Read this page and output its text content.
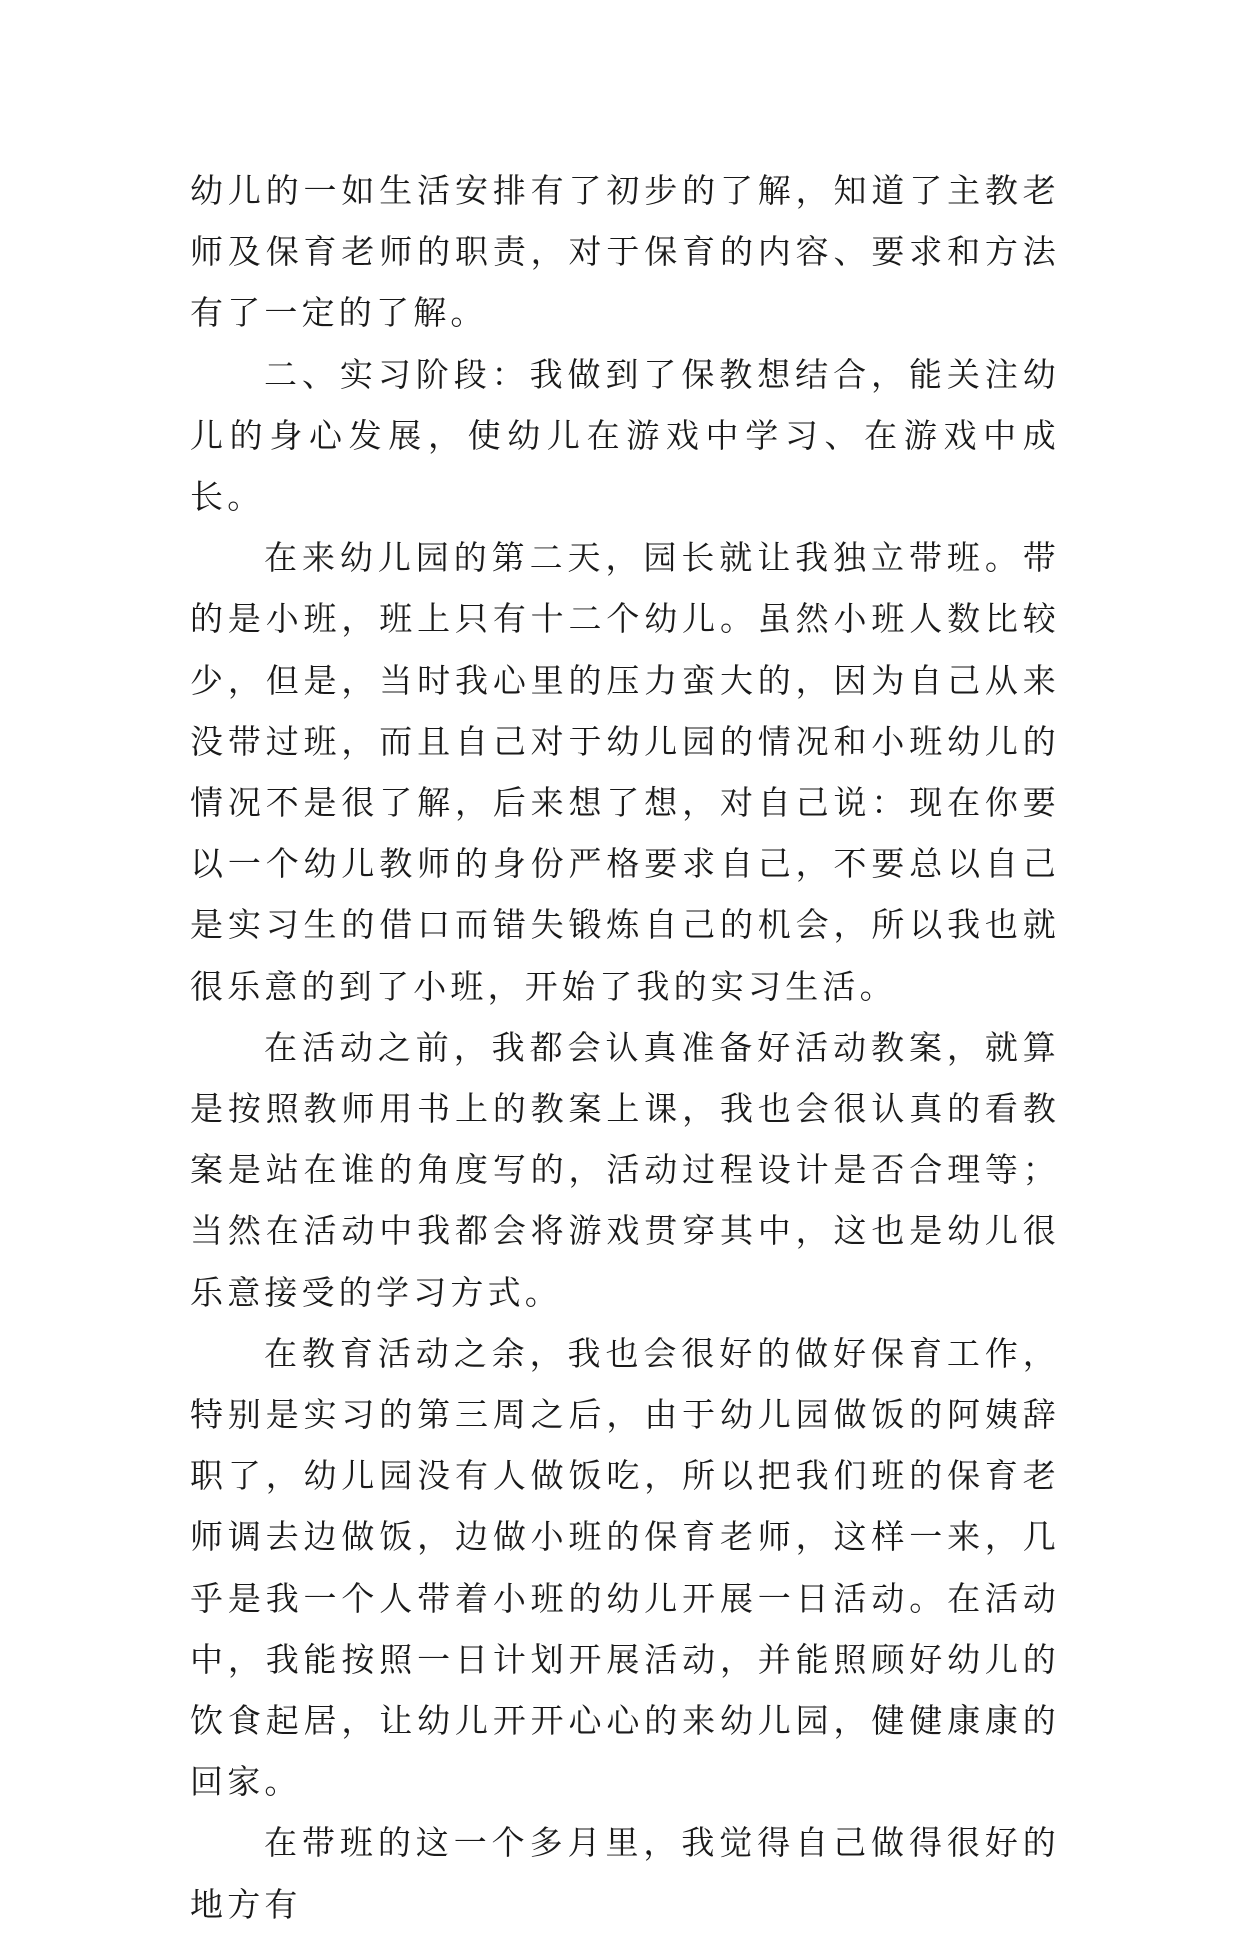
幼儿的一如生活安排有了初步的了解，知道了主教老师及保育老师的职责，对于保育的内容、要求和方法有了一定的了解。

二、实习阶段：我做到了保教想结合，能关注幼儿的身心发展，使幼儿在游戏中学习、在游戏中成长。

在来幼儿园的第二天，园长就让我独立带班。带的是小班，班上只有十二个幼儿。虽然小班人数比较少，但是，当时我心里的压力蛮大的，因为自己从来没带过班，而且自己对于幼儿园的情况和小班幼儿的情况不是很了解，后来想了想，对自己说：现在你要以一个幼儿教师的身份严格要求自己，不要总以自己是实习生的借口而错失锻炼自己的机会，所以我也就很乐意的到了小班，开始了我的实习生活。

在活动之前，我都会认真准备好活动教案，就算是按照教师用书上的教案上课，我也会很认真的看教案是站在谁的角度写的，活动过程设计是否合理等；当然在活动中我都会将游戏贯穿其中，这也是幼儿很乐意接受的学习方式。

在教育活动之余，我也会很好的做好保育工作，特别是实习的第三周之后，由于幼儿园做饭的阿姨辞职了，幼儿园没有人做饭吃，所以把我们班的保育老师调去边做饭，边做小班的保育老师，这样一来，几乎是我一个人带着小班的幼儿开展一日活动。在活动中，我能按照一日计划开展活动，并能照顾好幼儿的饮食起居，让幼儿开开心心的来幼儿园，健健康康的回家。

在带班的这一个多月里，我觉得自己做得很好的地方有
